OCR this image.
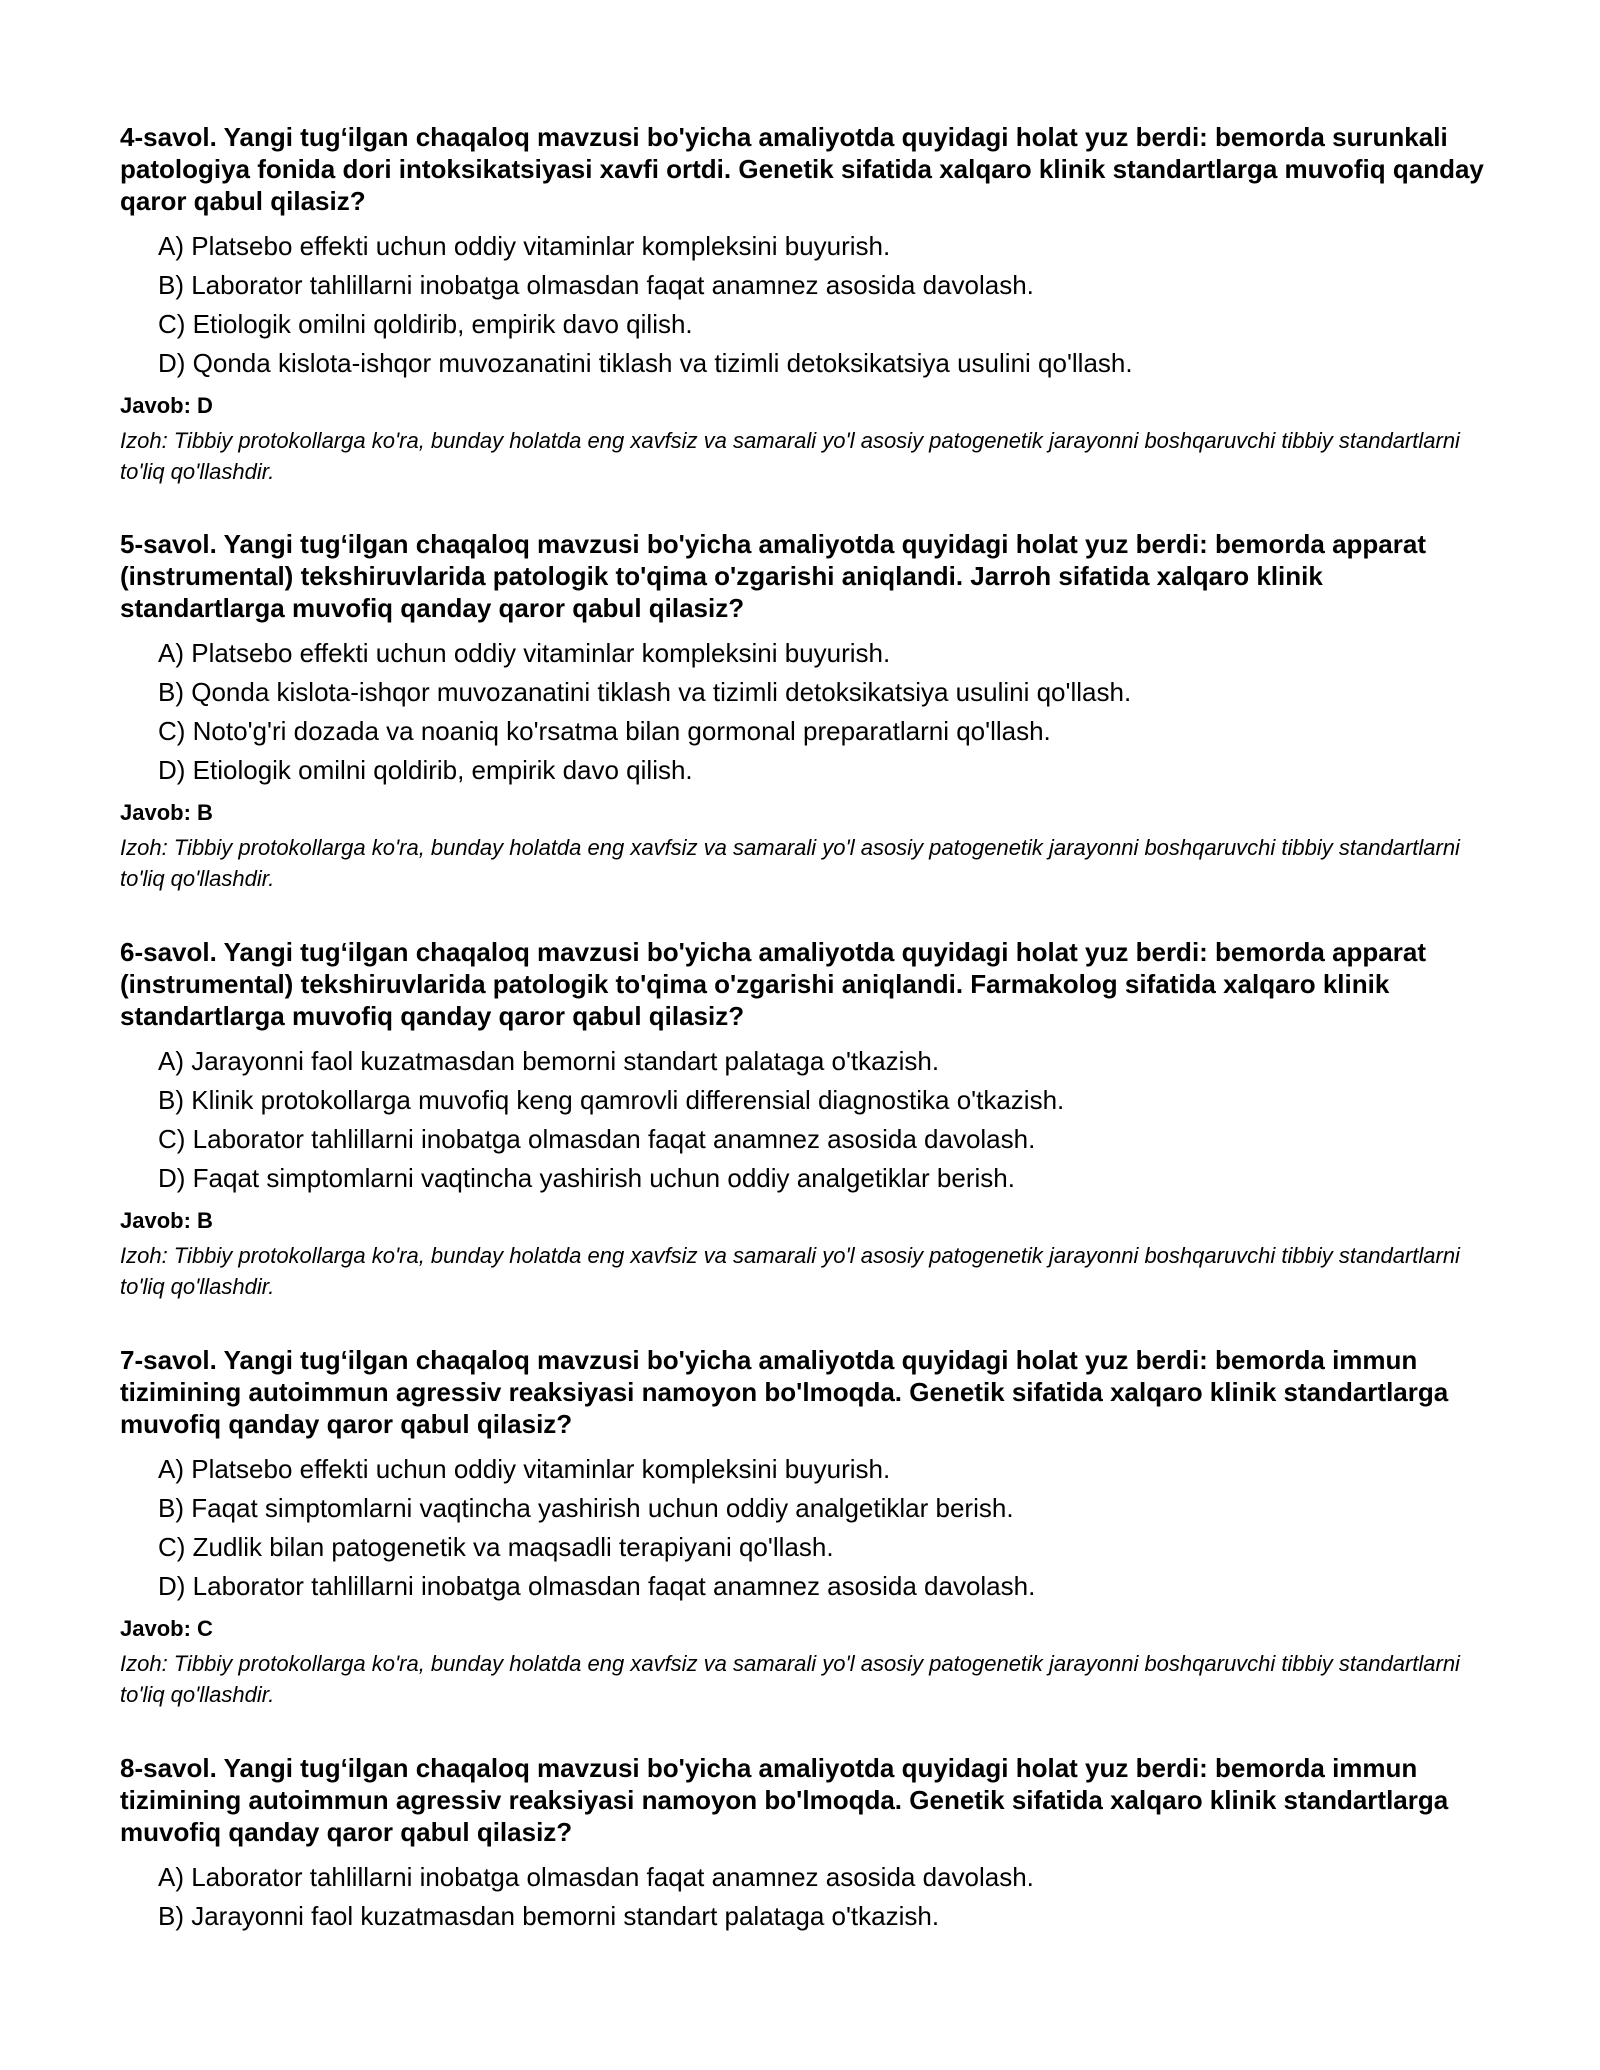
4-savol. Yangi tug‘ilgan chaqaloq mavzusi bo'yicha amaliyotda quyidagi holat yuz berdi: bemorda surunkali patologiya fonida dori intoksikatsiyasi xavfi ortdi. Genetik sifatida xalqaro klinik standartlarga muvofiq qanday qaror qabul qilasiz?

A) Platsebo effekti uchun oddiy vitaminlar kompleksini buyurish.
B) Laborator tahlillarni inobatga olmasdan faqat anamnez asosida davolash.
C) Etiologik omilni qoldirib, empirik davo qilish.
D) Qonda kislota-ishqor muvozanatini tiklash va tizimli detoksikatsiya usulini qo'llash.

Javob: D

Izoh: Tibbiy protokollarga ko'ra, bunday holatda eng xavfsiz va samarali yo'l asosiy patogenetik jarayonni boshqaruvchi tibbiy standartlarni to'liq qo'llashdir.

5-savol. Yangi tug‘ilgan chaqaloq mavzusi bo'yicha amaliyotda quyidagi holat yuz berdi: bemorda apparat (instrumental) tekshiruvlarida patologik to'qima o'zgarishi aniqlandi. Jarroh sifatida xalqaro klinik standartlarga muvofiq qanday qaror qabul qilasiz?

A) Platsebo effekti uchun oddiy vitaminlar kompleksini buyurish.
B) Qonda kislota-ishqor muvozanatini tiklash va tizimli detoksikatsiya usulini qo'llash.
C) Noto'g'ri dozada va noaniq ko'rsatma bilan gormonal preparatlarni qo'llash.
D) Etiologik omilni qoldirib, empirik davo qilish.

Javob: B

Izoh: Tibbiy protokollarga ko'ra, bunday holatda eng xavfsiz va samarali yo'l asosiy patogenetik jarayonni boshqaruvchi tibbiy standartlarni to'liq qo'llashdir.

6-savol. Yangi tug‘ilgan chaqaloq mavzusi bo'yicha amaliyotda quyidagi holat yuz berdi: bemorda apparat (instrumental) tekshiruvlarida patologik to'qima o'zgarishi aniqlandi. Farmakolog sifatida xalqaro klinik standartlarga muvofiq qanday qaror qabul qilasiz?

A) Jarayonni faol kuzatmasdan bemorni standart palataga o'tkazish.
B) Klinik protokollarga muvofiq keng qamrovli differensial diagnostika o'tkazish.
C) Laborator tahlillarni inobatga olmasdan faqat anamnez asosida davolash.
D) Faqat simptomlarni vaqtincha yashirish uchun oddiy analgetiklar berish.

Javob: B

Izoh: Tibbiy protokollarga ko'ra, bunday holatda eng xavfsiz va samarali yo'l asosiy patogenetik jarayonni boshqaruvchi tibbiy standartlarni to'liq qo'llashdir.

7-savol. Yangi tug‘ilgan chaqaloq mavzusi bo'yicha amaliyotda quyidagi holat yuz berdi: bemorda immun tizimining autoimmun agressiv reaksiyasi namoyon bo'lmoqda. Genetik sifatida xalqaro klinik standartlarga muvofiq qanday qaror qabul qilasiz?

A) Platsebo effekti uchun oddiy vitaminlar kompleksini buyurish.
B) Faqat simptomlarni vaqtincha yashirish uchun oddiy analgetiklar berish.
C) Zudlik bilan patogenetik va maqsadli terapiyani qo'llash.
D) Laborator tahlillarni inobatga olmasdan faqat anamnez asosida davolash.

Javob: C

Izoh: Tibbiy protokollarga ko'ra, bunday holatda eng xavfsiz va samarali yo'l asosiy patogenetik jarayonni boshqaruvchi tibbiy standartlarni to'liq qo'llashdir.

8-savol. Yangi tug‘ilgan chaqaloq mavzusi bo'yicha amaliyotda quyidagi holat yuz berdi: bemorda immun tizimining autoimmun agressiv reaksiyasi namoyon bo'lmoqda. Genetik sifatida xalqaro klinik standartlarga muvofiq qanday qaror qabul qilasiz?

A) Laborator tahlillarni inobatga olmasdan faqat anamnez asosida davolash.
B) Jarayonni faol kuzatmasdan bemorni standart palataga o'tkazish.
